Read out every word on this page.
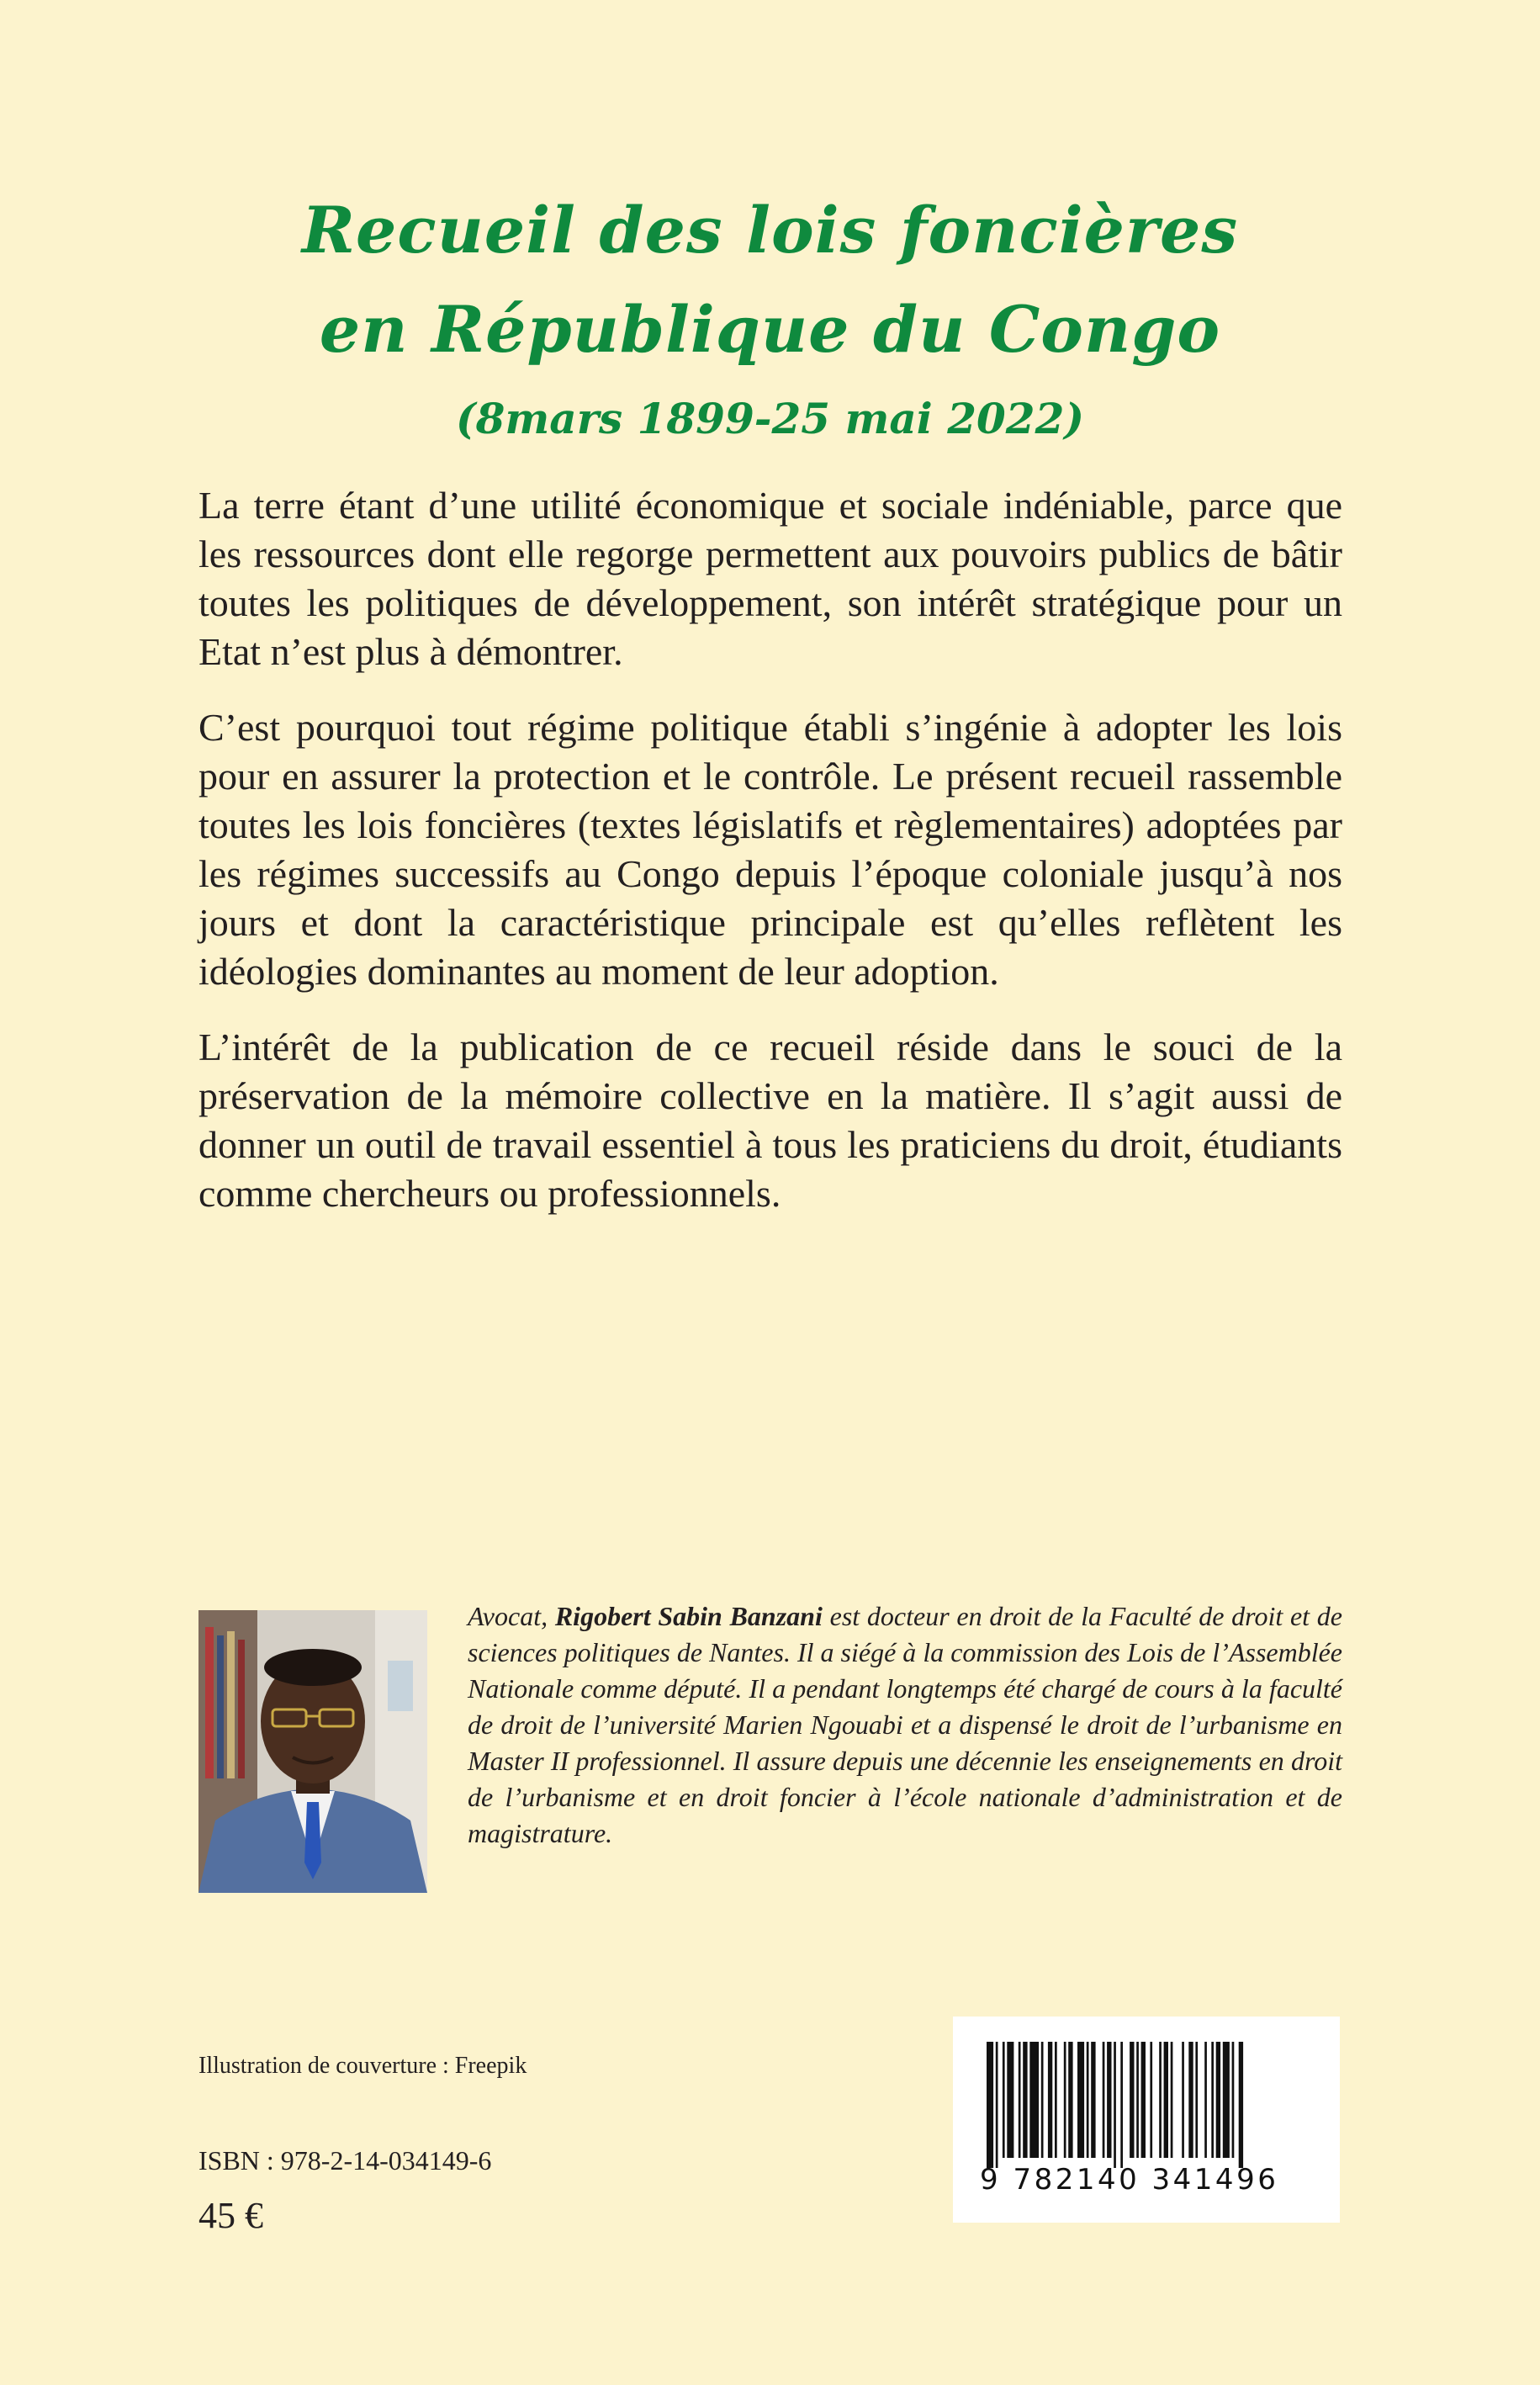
Recueil des lois foncières
en République du Congo
(8mars 1899-25 mai 2022)

La terre étant d’une utilité économique et sociale indéniable, parce que les ressources dont elle regorge permettent aux pouvoirs publics de bâtir toutes les politiques de développement, son intérêt stratégique pour un Etat n’est plus à démontrer.

C’est pourquoi tout régime politique établi s’ingénie à adopter les lois pour en assurer la protection et le contrôle. Le présent recueil rassemble toutes les lois foncières (textes législatifs et règlementaires) adoptées par les régimes successifs au Congo depuis l’époque coloniale jusqu’à nos jours et dont la caractéristique principale est qu’elles reflètent les idéologies dominantes au moment de leur adoption.

L’intérêt de la publication de ce recueil réside dans le souci de la préservation de la mémoire collective en la matière. Il s’agit aussi de donner un outil de travail essentiel à tous les praticiens du droit, étudiants comme chercheurs ou professionnels.

Avocat, Rigobert Sabin Banzani est docteur en droit de la Faculté de droit et de sciences politiques de Nantes. Il a siégé à la commission des Lois de l’Assemblée Nationale comme député. Il a pendant longtemps été chargé de cours à la faculté de droit de l’université Marien Ngouabi et a dispensé le droit de l’urbanisme en Master II professionnel. Il assure depuis une décennie les enseignements en droit de l’urbanisme et en droit foncier à l’école nationale d’administration et de magistrature.
Illustration de couverture : Freepik
ISBN : 978-2-14-034149-6
45 €
9 782140 341496
